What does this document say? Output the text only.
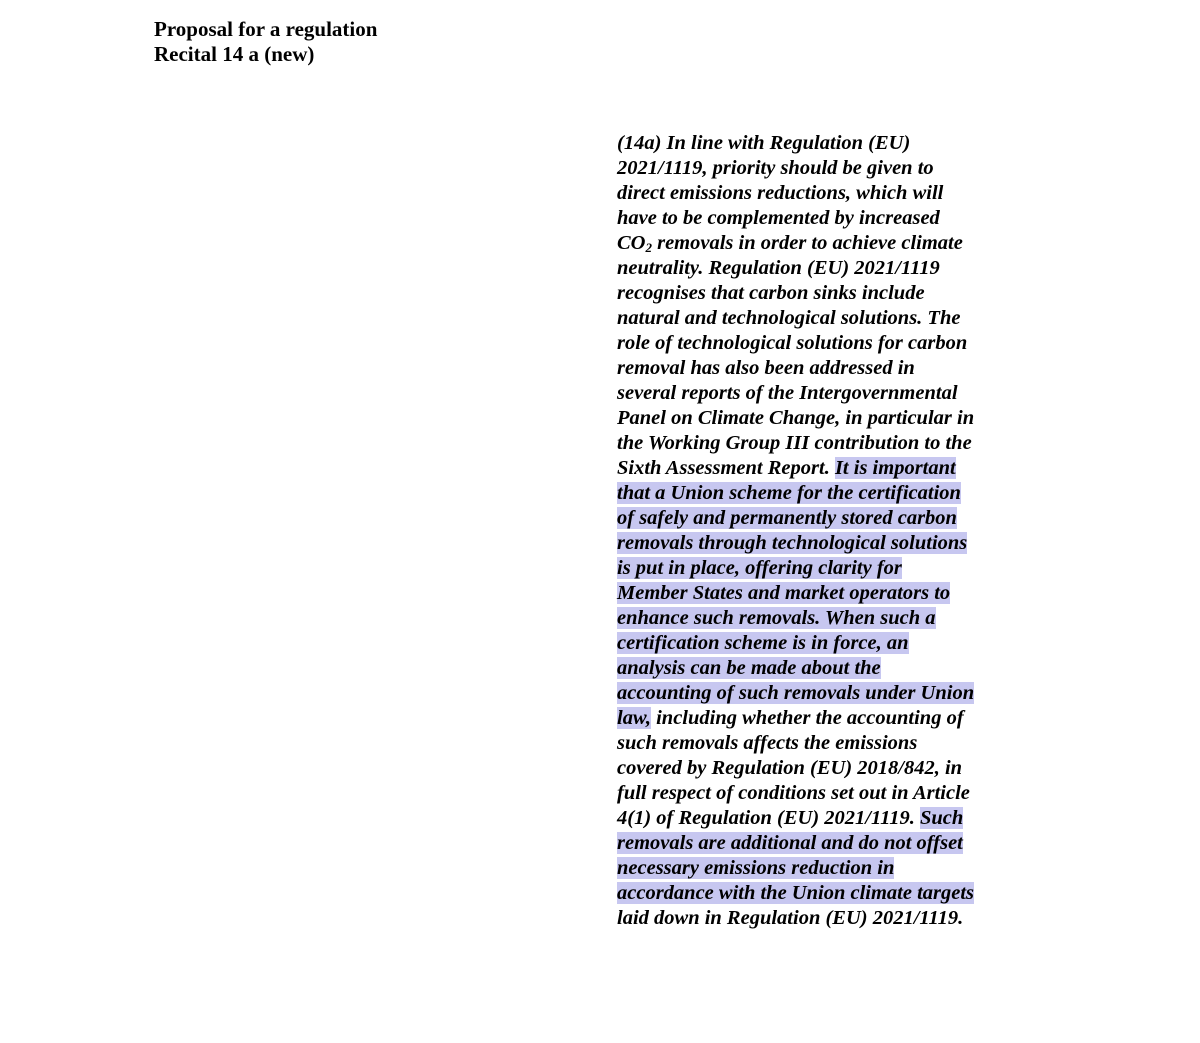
Proposal for a regulation
Recital 14 a (new)
(14a) In line with Regulation (EU)
2021/1119, priority should be given to
direct emissions reductions, which will
have to be complemented by increased
$CO_2$ removals in order to achieve climate
neutrality. Regulation (EU) 2021/1119
recognises that carbon sinks include
natural and technological solutions. The
role of technological solutions for carbon
removal has also been addressed in
several reports of the Intergovernmental
Panel on Climate Change, in particular in
the Working Group III contribution to the
Sixth Assessment Report. It is important
that a Union scheme for the certification
of safely and permanently stored carbon
removals through technological solutions
is put in place, offering clarity for
Member States and market operators to
enhance such removals. When such a
certification scheme is in force, an
analysis can be made about the
accounting of such removals under Union
law, including whether the accounting of
such removals affects the emissions
covered by Regulation (EU) 2018/842, in
full respect of conditions set out in Article
4(1) of Regulation (EU) 2021/1119. Such
removals are additional and do not offset
necessary emissions reduction in
accordance with the Union climate targets
laid down in Regulation (EU) 2021/1119.
